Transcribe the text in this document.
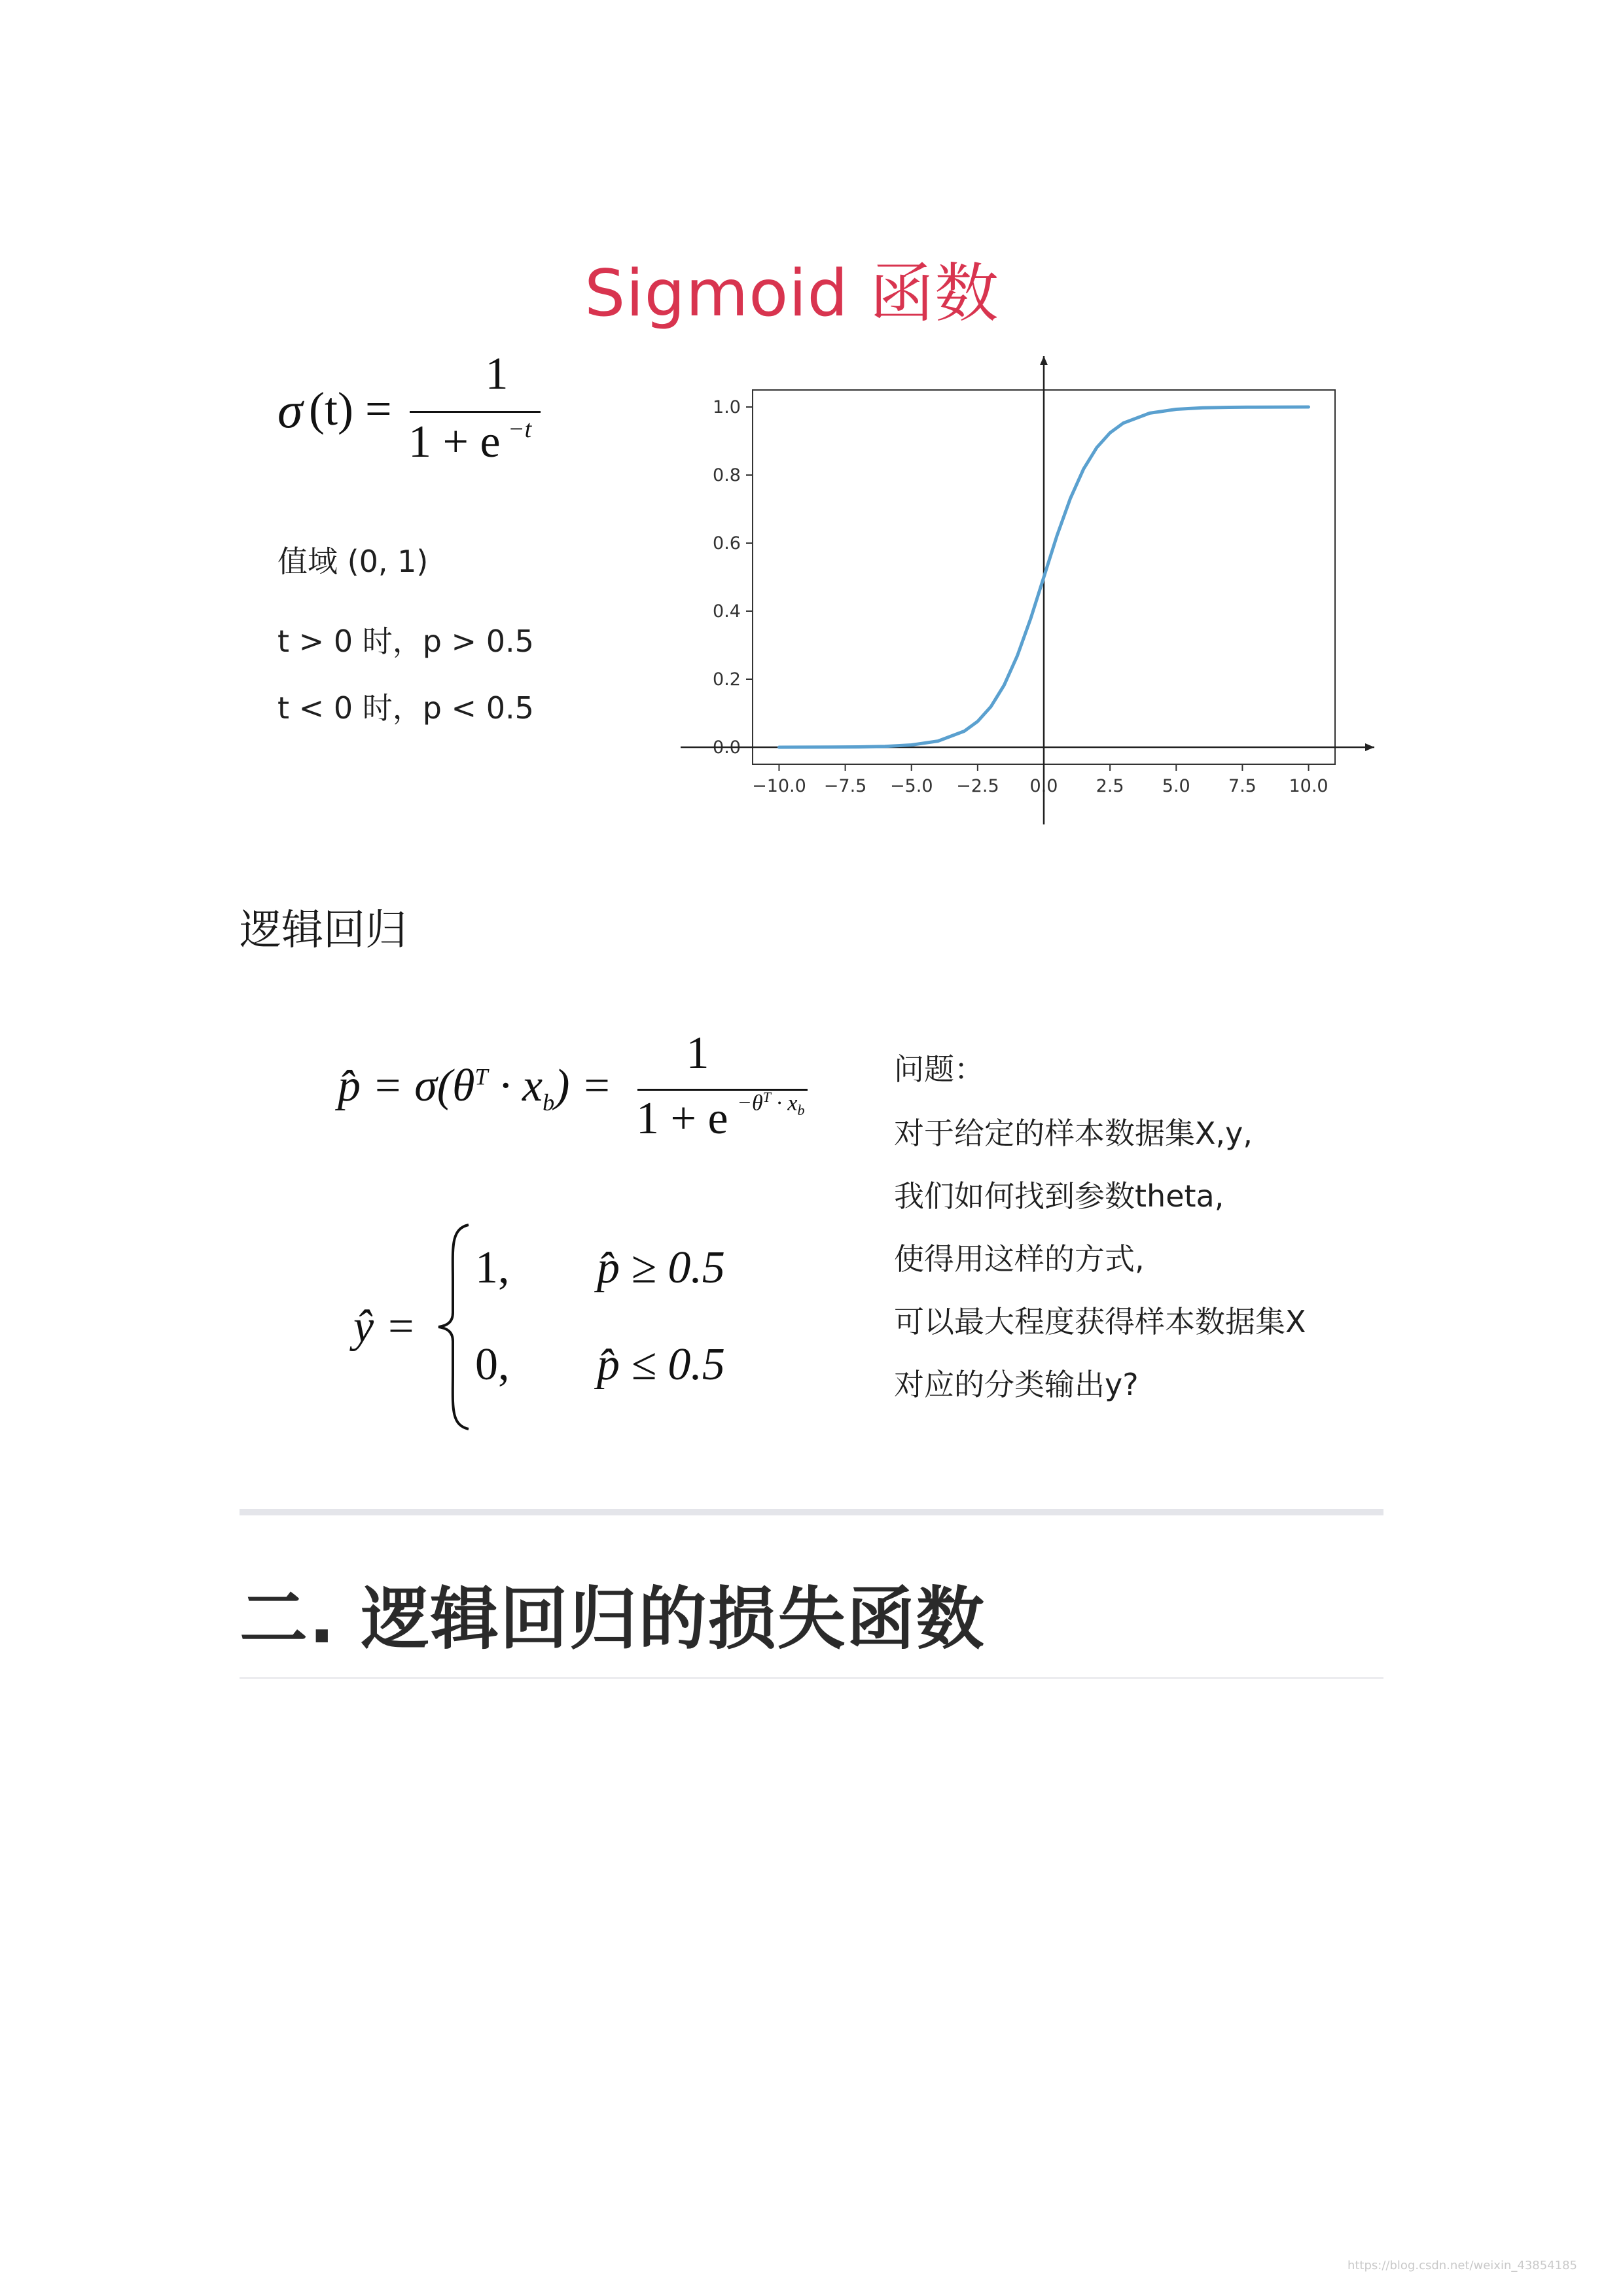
Sigmoid 函数
σ (t) =
1
1 + e −t
值域 (0, 1)
t > 0 时，p > 0.5
t < 0 时，p < 0.5
−10.0 −7.5 −5.0 −2.5 0.0 2.5 5.0 7.5 10.0
0.0
0.2
0.4
0.6
0.8
1.0
逻辑回归
p̂ = $\sigma(\theta^T \cdot x_b)$ =
1
$1 + e -\theta^T \cdot x_b$
ŷ =
1, p̂ ≥ 0.5
0, p̂ ≤ 0.5
问题：
对于给定的样本数据集X,y,
我们如何找到参数theta,
使得用这样的方式,
可以最大程度获得样本数据集X
对应的分类输出y?
二. 逻辑回归的损失函数
https://blog.csdn.net/weixin_43854185
